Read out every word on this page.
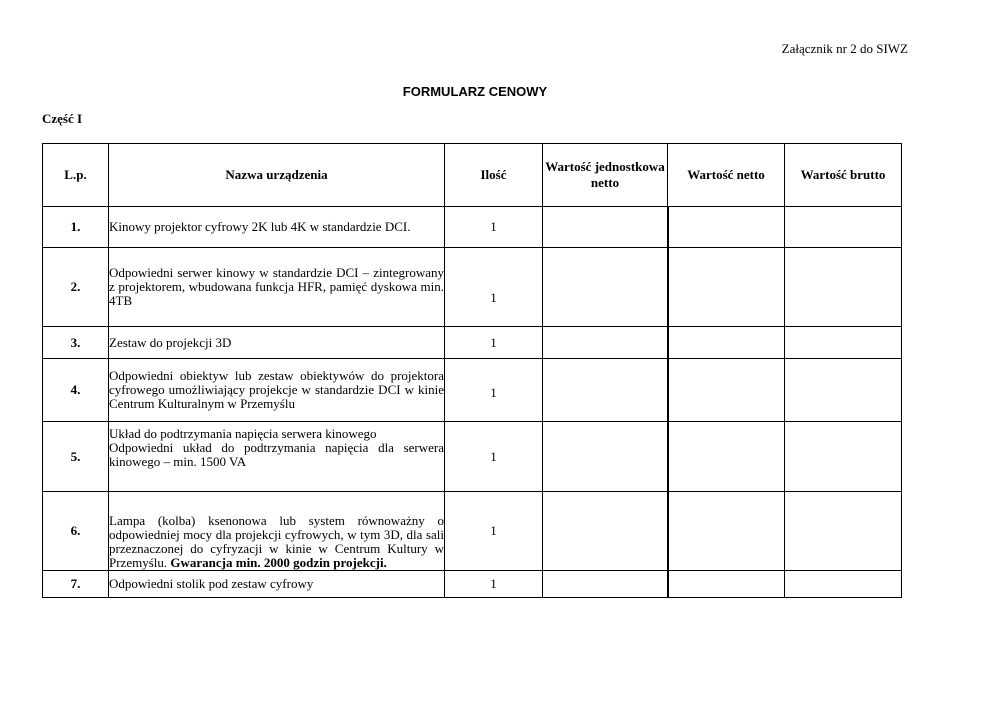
Załącznik nr 2 do SIWZ
FORMULARZ CENOWY
Część I
L.p.	Nazwa urządzenia	Ilość	Wartość jednostkowa netto	Wartość netto	Wartość brutto
1.	Kinowy projektor cyfrowy 2K lub 4K w standardzie DCI.	1			
2.	Odpowiedni serwer kinowy w standardzie DCI – zintegrowany z projektorem, wbudowana funkcja HFR, pamięć dyskowa min. 4TB	1			
3.	Zestaw do projekcji 3D	1			
4.	Odpowiedni obiektyw lub zestaw obiektywów do projektora cyfrowego umożliwiający projekcje w standardzie DCI w kinie Centrum Kulturalnym w Przemyślu	1			
5.	Układ do podtrzymania napięcia serwera kinowego
Odpowiedni układ do podtrzymania napięcia dla serwera kinowego – min. 1500 VA	1			
6.	Lampa (kolba) ksenonowa lub system równoważny o odpowiedniej mocy dla projekcji cyfrowych, w tym 3D, dla sali przeznaczonej do cyfryzacji w kinie w Centrum Kultury w Przemyślu. Gwarancja min. 2000 godzin projekcji.	1			
7.	Odpowiedni stolik pod zestaw cyfrowy	1			
